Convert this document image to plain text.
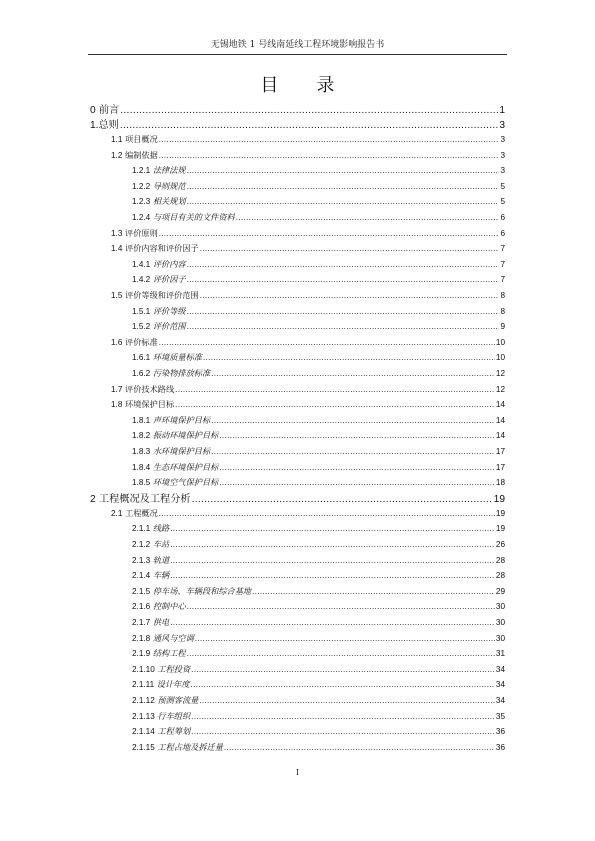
无锡地铁 1 号线南延线工程环境影响报告书
目 录
0 前言 .....	1
1.总则 .....	3
1.1 项目概况 .....	3
1.2 编制依据 .....	3
1.2.1 法律法规 .....	3
1.2.2 导则规范 .....	5
1.2.3 相关规划 .....	5
1.2.4 与项目有关的文件资料 .....	6
1.3 评价原则 .....	6
1.4 评价内容和评价因子 .....	7
1.4.1 评价内容 .....	7
1.4.2 评价因子 .....	7
1.5 评价等级和评价范围 .....	8
1.5.1 评价等级 .....	8
1.5.2 评价范围 .....	9
1.6 评价标准 .....	10
1.6.1 环境质量标准 .....	10
1.6.2 污染物排放标准 .....	12
1.7 评价技术路线 .....	12
1.8 环境保护目标 .....	14
1.8.1 声环境保护目标 .....	14
1.8.2 振动环境保护目标 .....	14
1.8.3 水环境保护目标 .....	17
1.8.4 生态环境保护目标 .....	17
1.8.5 环境空气保护目标 .....	18
2 工程概况及工程分析 .....	19
2.1 工程概况 .....	19
2.1.1 线路 .....	19
2.1.2 车站 .....	26
2.1.3 轨道 .....	28
2.1.4 车辆 .....	28
2.1.5 停车场、车辆段和综合基地 .....	29
2.1.6 控制中心 .....	30
2.1.7 供电 .....	30
2.1.8 通风与空调 .....	30
2.1.9 结构工程 .....	31
2.1.10 工程投资 .....	34
2.1.11 设计年度 .....	34
2.1.12 预测客流量 .....	34
2.1.13 行车组织 .....	35
2.1.14 工程筹划 .....	36
2.1.15 工程占地及拆迁量 .....	36
I
